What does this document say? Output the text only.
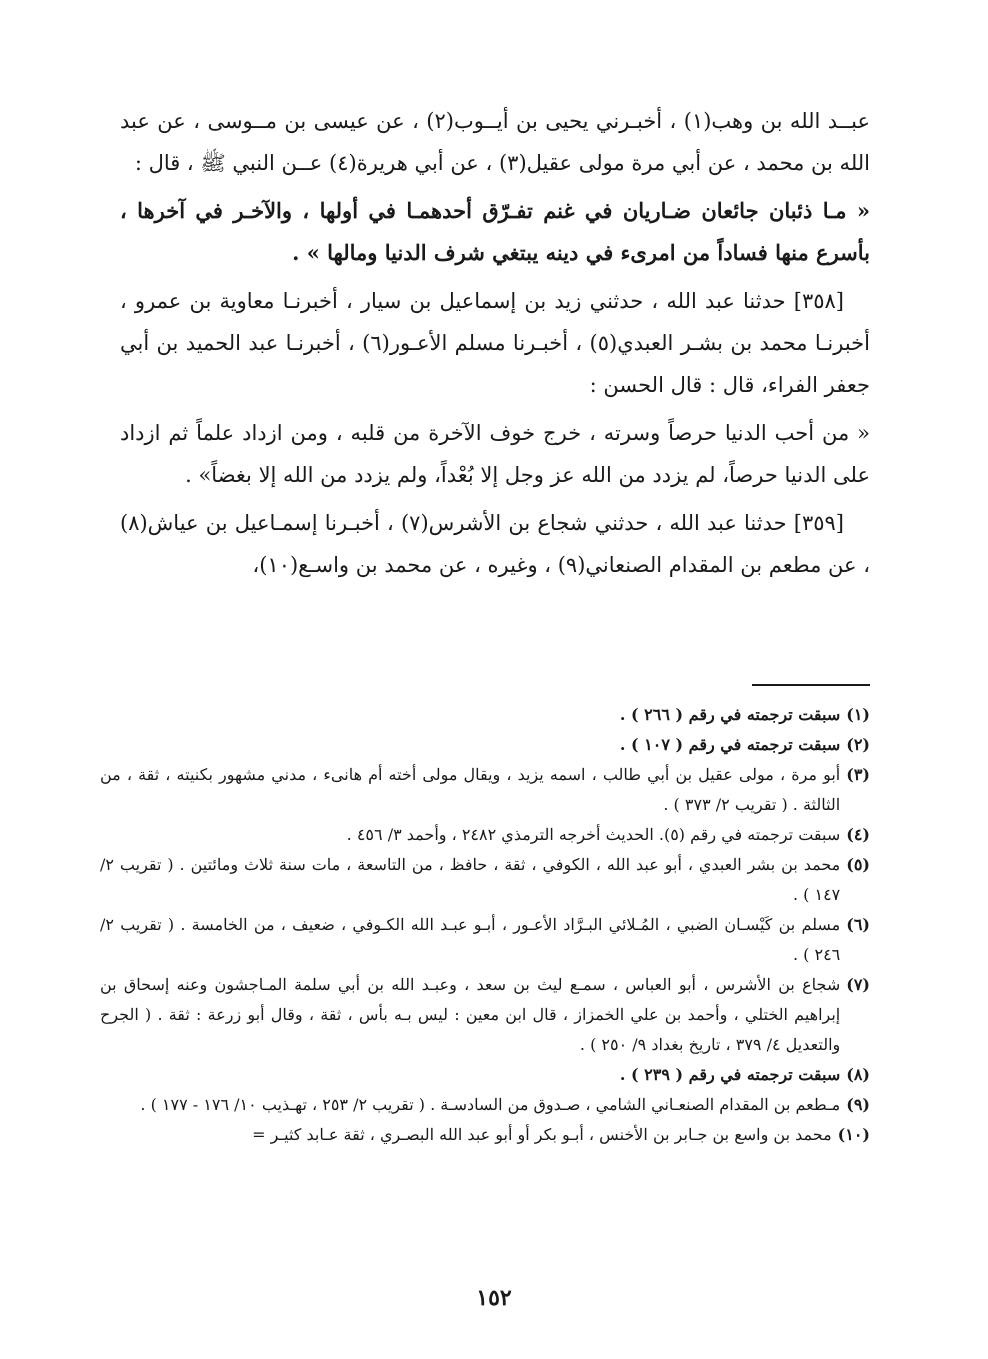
عبــد الله بن وهب(١) ، أخبـرني يحيى بن أيــوب(٢) ، عن عيسى بن مــوسى ، عن عبد الله بن محمد ، عن أبي مرة مولى عقيل(٣) ، عن أبي هريرة(٤) عــن النبي ﷺ ، قال :

« مـا ذئبان جائعان ضـاريان في غنم تفـرّق أحدهمـا في أولها ، والآخـر في آخرها ، بأسرع منها فساداً من امرىء في دينه يبتغي شرف الدنيا ومالها » .

[٣٥٨] حدثنا عبد الله ، حدثني زيد بن إسماعيل بن سيار ، أخبرنـا معاوية بن عمرو ، أخبرنـا محمد بن بشـر العبدي(٥) ، أخبـرنا مسلم الأعـور(٦) ، أخبرنـا عبد الحميد بن أبي جعفر الفراء، قال : قال الحسن :

« من أحب الدنيا حرصاً وسرته ، خرج خوف الآخرة من قلبه ، ومن ازداد علماً ثم ازداد على الدنيا حرصاً، لم يزدد من الله عز وجل إلا بُعْداً، ولم يزدد من الله إلا بغضاً» .

[٣٥٩] حدثنا عبد الله ، حدثني شجاع بن الأشرس(٧) ، أخبـرنا إسمـاعيل بن عياش(٨) ، عن مطعم بن المقدام الصنعاني(٩) ، وغيره ، عن محمد بن واسـع(١٠)،

(١)
سبقت ترجمته في رقم ( ٢٦٦ ) .
(٢)
سبقت ترجمته في رقم ( ١٠٧ ) .
(٣)
أبو مرة ، مولى عقيل بن أبي طالب ، اسمه يزيد ، ويقال مولى أخته أم هانىء ، مدني مشهور بكنيته ، ثقة ، من الثالثة . ( تقريب ٢/ ٣٧٣ ) .
(٤)
سبقت ترجمته في رقم (٥). الحديث أخرجه الترمذي ٢٤٨٢ ، وأحمد ٣/ ٤٥٦ .
(٥)
محمد بن بشر العبدي ، أبو عبد الله ، الكوفي ، ثقة ، حافظ ، من التاسعة ، مات سنة ثلاث ومائتين . ( تقريب ٢/ ١٤٧ ) .
(٦)
مسلم بن كَيْسـان الضبي ، المُـلائي البـرَّاد الأعـور ، أبـو عبـد الله الكـوفي ، ضعيف ، من الخامسة . ( تقريب ٢/ ٢٤٦ ) .
(٧)
شجاع بن الأشرس ، أبو العباس ، سمـع ليث بن سعد ، وعبـد الله بن أبي سلمة المـاجشون وعنه إسحاق بن إبراهيم الختلي ، وأحمد بن علي الخمزاز ، قال ابن معين : ليس بـه بأس ، ثقة ، وقال أبو زرعة : ثقة . ( الجرح والتعديل ٤/ ٣٧٩ ، تاريخ بغداد ٩/ ٢٥٠ ) .
(٨)
سبقت ترجمته في رقم ( ٢٣٩ ) .
(٩)
مـطعم بن المقدام الصنعـاني الشامي ، صـدوق من السادسـة . ( تقريب ٢/ ٢٥٣ ، تهـذيب ١٠/ ١٧٦ - ١٧٧ ) .
(١٠)
محمد بن واسع بن جـابر بن الأخنس ، أبـو بكر أو أبو عبد الله البصـري ، ثقة عـابد كثيـر =
١٥٢
